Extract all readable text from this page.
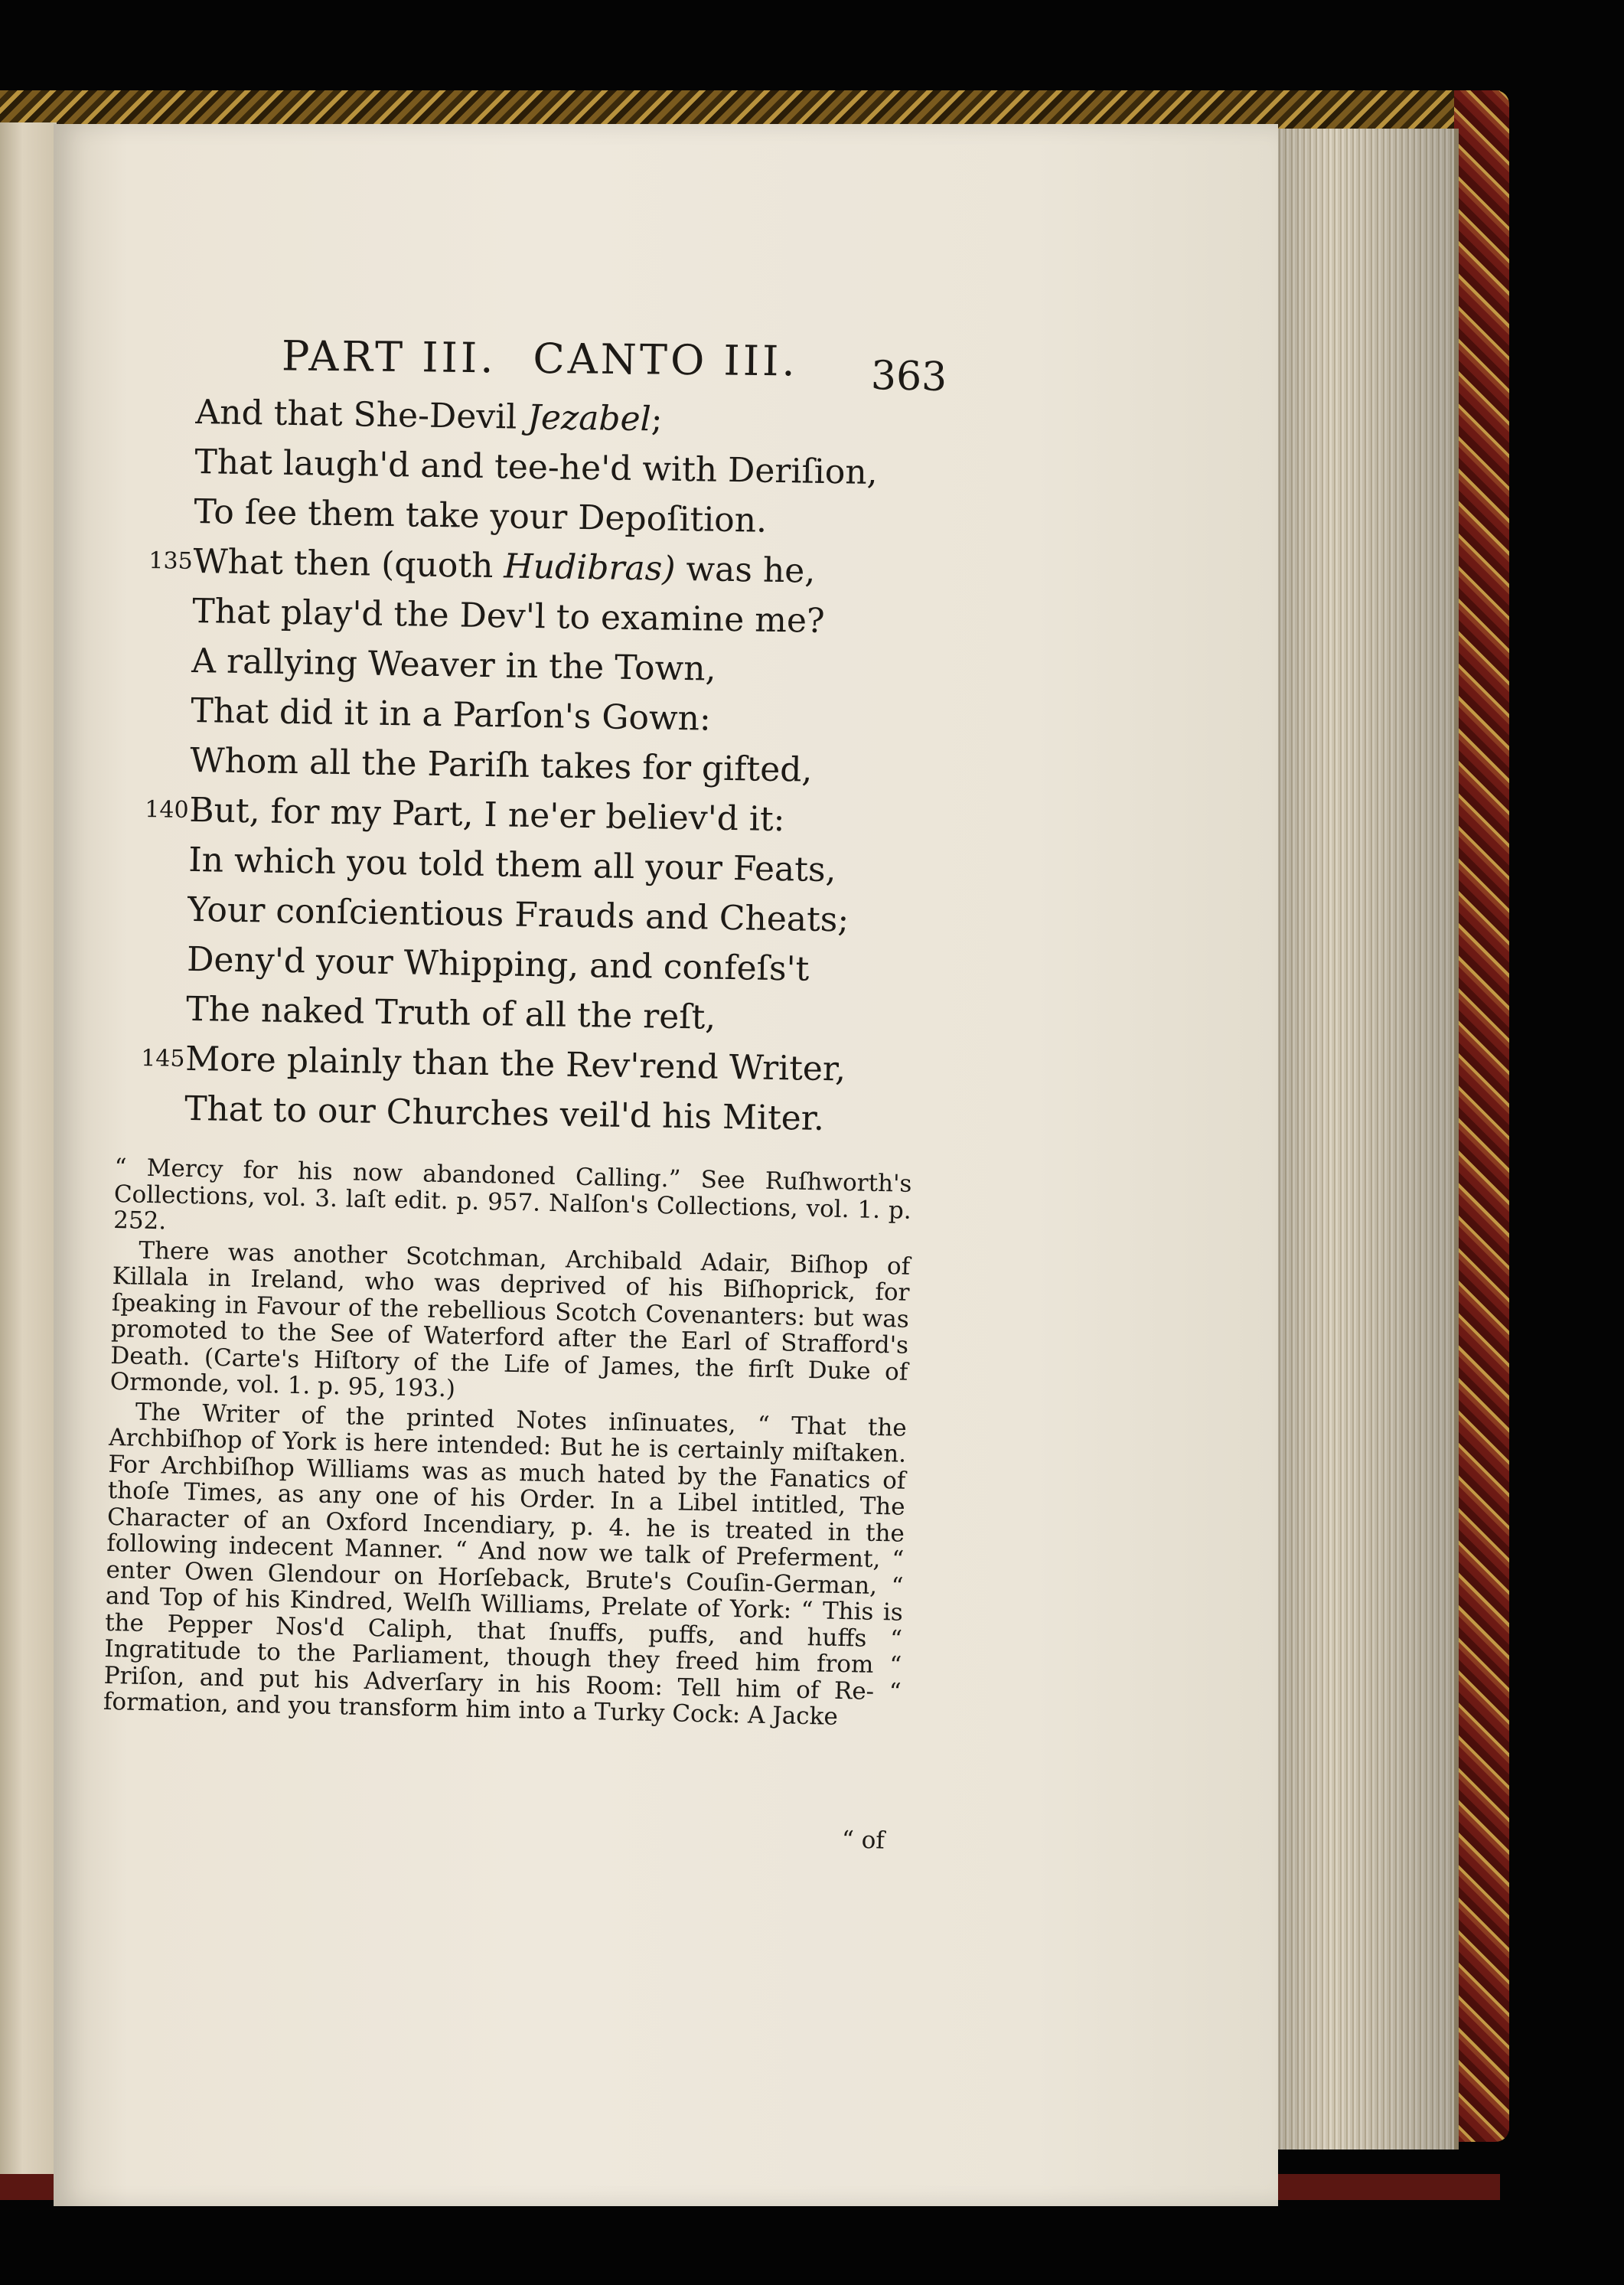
PART III. CANTO III.	363
And that She-Devil Jezabel;
That laugh'd and tee-he'd with Deriſion,
To ſee them take your Depoſition.
135 What then (quoth Hudibras) was he,
That play'd the Dev'l to examine me?
A rallying Weaver in the Town,
That did it in a Parſon's Gown:
Whom all the Pariſh takes for gifted,
140 But, for my Part, I ne'er believ'd it:
In which you told them all your Feats,
Your conſcientious Frauds and Cheats;
Deny'd your Whipping, and confeſs't
The naked Truth of all the reſt,
145 More plainly than the Rev'rend Writer,
That to our Churches veil'd his Miter.

“ Mercy for his now abandoned Calling.” See Ruſhworth's Collections, vol. 3. laſt edit. p. 957. Nalſon's Collections, vol. 1. p. 252.

There was another Scotchman, Archibald Adair, Biſhop of Killala in Ireland, who was deprived of his Biſhoprick, for ſpeaking in Favour of the rebellious Scotch Covenanters: but was promoted to the See of Waterford after the Earl of Strafford's Death. (Carte's Hiſtory of the Life of James, the firſt Duke of Ormonde, vol. 1. p. 95, 193.)

The Writer of the printed Notes inſinuates, “ That the Archbiſhop of York is here intended: But he is certainly miſtaken. For Archbiſhop Williams was as much hated by the Fanatics of thoſe Times, as any one of his Order. In a Libel intitled, The Character of an Oxford Incendiary, p. 4. he is treated in the following indecent Manner. “ And now we talk of Preferment, “ enter Owen Glendour on Horſeback, Brute's Couſin-German, “ and Top of his Kindred, Welſh Williams, Prelate of York: “ This is the Pepper Nos'd Caliph, that ſnuffs, puffs, and huffs “ Ingratitude to the Parliament, though they freed him from “ Priſon, and put his Adverſary in his Room: Tell him of Re- “ formation, and you transform him into a Turky Cock: A Jacke

“ of
